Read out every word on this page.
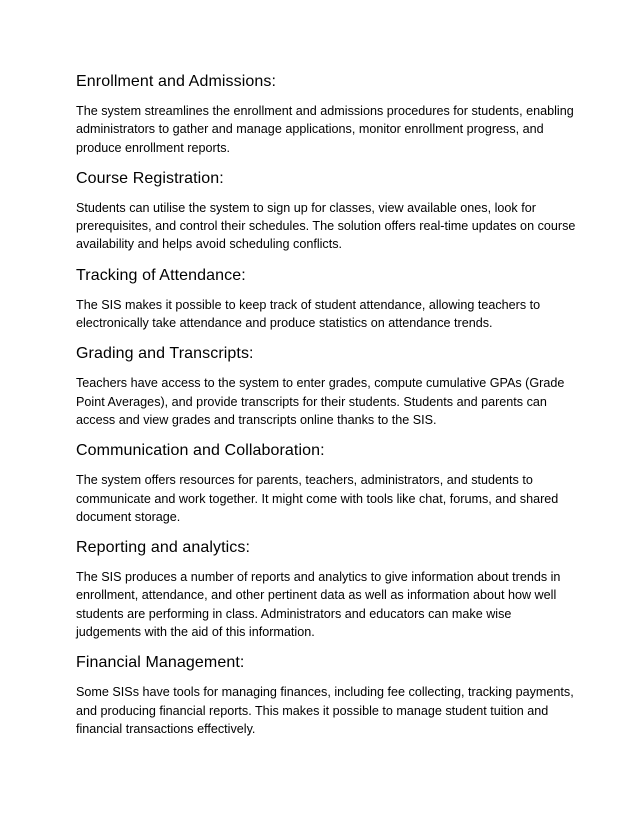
Enrollment and Admissions:

The system streamlines the enrollment and admissions procedures for students, enabling administrators to gather and manage applications, monitor enrollment progress, and produce enrollment reports.

Course Registration:

Students can utilise the system to sign up for classes, view available ones, look for prerequisites, and control their schedules. The solution offers real-time updates on course availability and helps avoid scheduling conflicts.

Tracking of Attendance:

The SIS makes it possible to keep track of student attendance, allowing teachers to electronically take attendance and produce statistics on attendance trends.

Grading and Transcripts:

Teachers have access to the system to enter grades, compute cumulative GPAs (Grade Point Averages), and provide transcripts for their students. Students and parents can access and view grades and transcripts online thanks to the SIS.

Communication and Collaboration:

The system offers resources for parents, teachers, administrators, and students to communicate and work together. It might come with tools like chat, forums, and shared document storage.

Reporting and analytics:

The SIS produces a number of reports and analytics to give information about trends in enrollment, attendance, and other pertinent data as well as information about how well students are performing in class. Administrators and educators can make wise judgements with the aid of this information.

Financial Management:

Some SISs have tools for managing finances, including fee collecting, tracking payments, and producing financial reports. This makes it possible to manage student tuition and financial transactions effectively.
